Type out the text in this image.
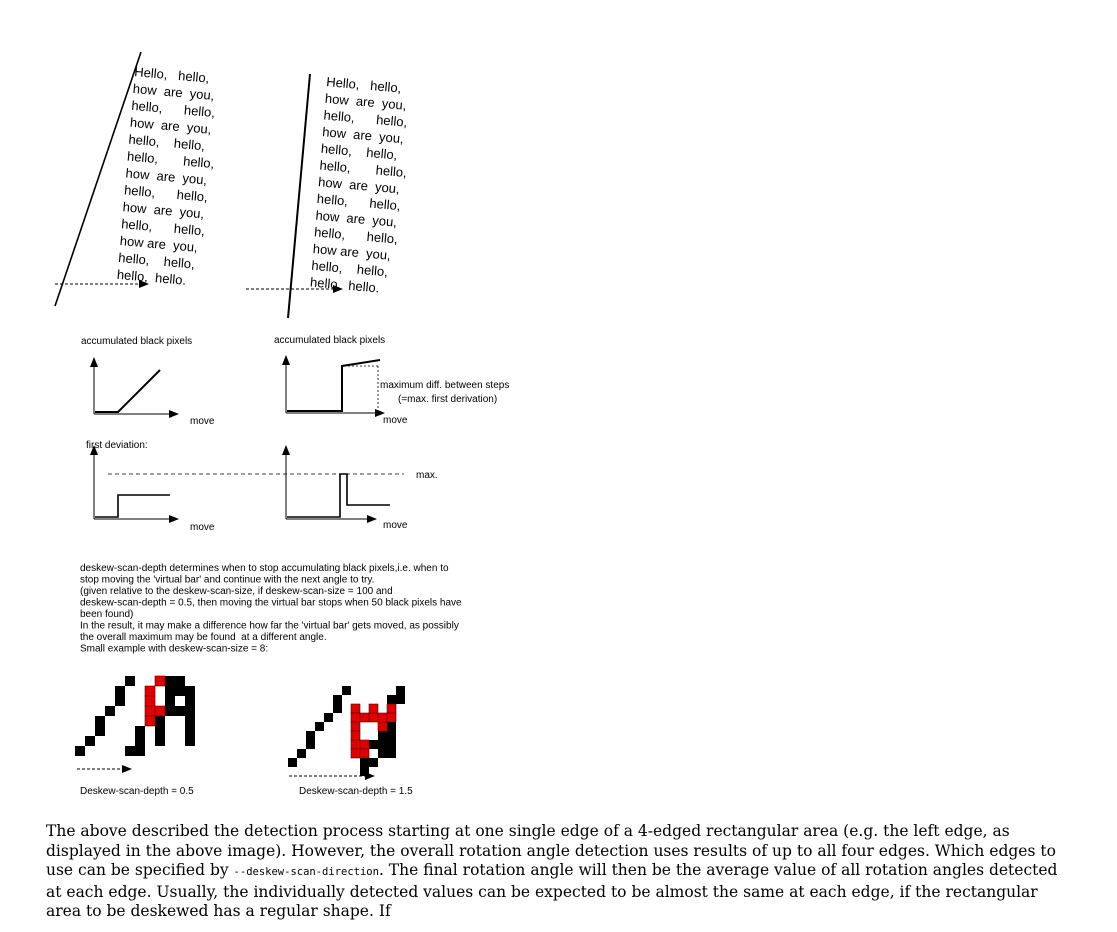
Hello,   hello,
how  are  you,
hello,      hello,
how  are  you,
hello,    hello,
hello,       hello,
how  are  you,
hello,      hello,
how  are  you,
hello,      hello,
how are  you,
hello,    hello,
hello,  hello.
Hello,   hello,
how  are  you,
hello,      hello,
how  are  you,
hello,    hello,
hello,       hello,
how  are  you,
hello,      hello,
how  are  you,
hello,      hello,
how are  you,
hello,    hello,
hello,  hello.
accumulated black pixels
move
accumulated black pixels
maximum diff. between steps
(=max. first derivation)
move
first deviation:
move
max.
move
deskew-scan-depth determines when to stop accumulating black pixels,i.e. when to
stop moving the 'virtual bar' and continue with the next angle to try.
(given relative to the deskew-scan-size, if deskew-scan-size = 100 and
deskew-scan-depth = 0.5, then moving the virtual bar stops when 50 black pixels have
been found)
In the result, it may make a difference how far the 'virtual bar' gets moved, as possibly
the overall maximum may be found  at a different angle.
Small example with deskew-scan-size = 8:
Deskew-scan-depth = 0.5	Deskew-scan-depth = 1.5
The above described the detection process starting at one single edge of a 4-edged rectangular area (e.g. the left edge, as displayed in the above image). However, the overall rotation angle detection uses results of up to all four edges. Which edges to use can be specified by --deskew-scan-direction. The final rotation angle will then be the average value of all rotation angles detected at each edge. Usually, the individually detected values can be expected to be almost the same at each edge, if the rectangular area to be deskewed has a regular shape. If
